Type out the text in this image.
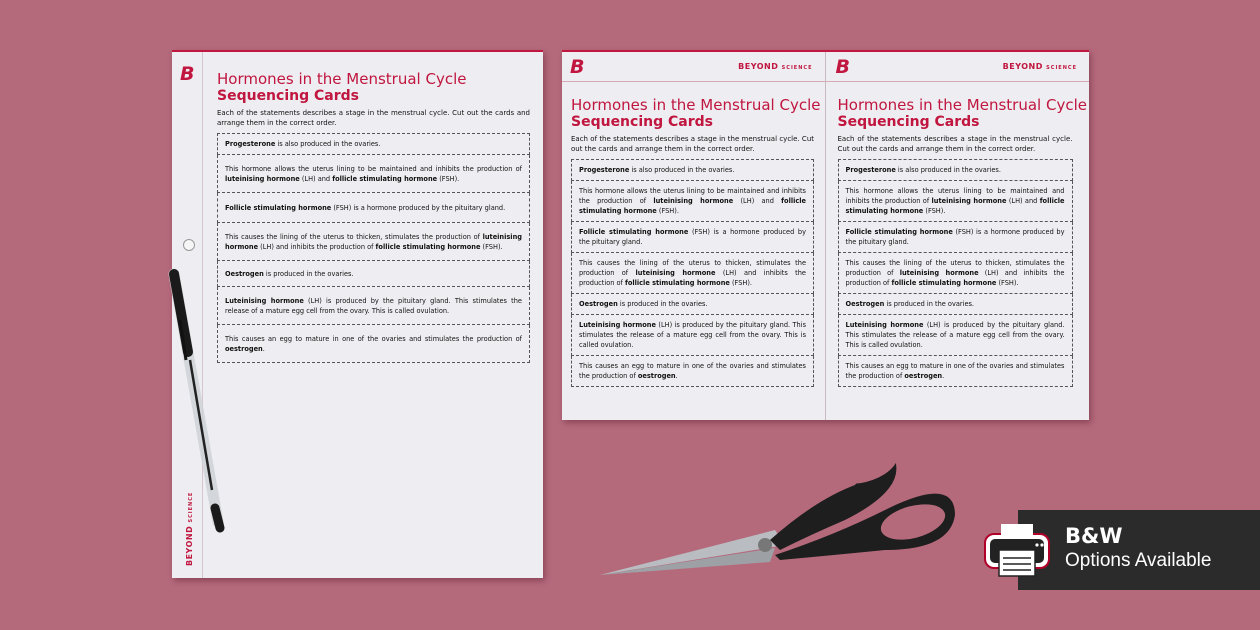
B
BEYOND SCIENCE
Hormones in the Menstrual Cycle
Sequencing Cards
Each of the statements describes a stage in the menstrual cycle. Cut out the cards and arrange them in the correct order.
Progesterone is also produced in the ovaries.
This hormone allows the uterus lining to be maintained and inhibits the production of luteinising hormone (LH) and follicle stimulating hormone (FSH).
Follicle stimulating hormone (FSH) is a hormone produced by the pituitary gland.
This causes the lining of the uterus to thicken, stimulates the production of luteinising hormone (LH) and inhibits the production of follicle stimulating hormone (FSH).
Oestrogen is produced in the ovaries.
Luteinising hormone (LH) is produced by the pituitary gland. This stimulates the release of a mature egg cell from the ovary. This is called ovulation.
This causes an egg to mature in one of the ovaries and stimulates the production of oestrogen.
B	BEYOND SCIENCE
Hormones in the Menstrual Cycle
Sequencing Cards
Each of the statements describes a stage in the menstrual cycle. Cut out the cards and arrange them in the correct order.
Progesterone is also produced in the ovaries.
This hormone allows the uterus lining to be maintained and inhibits the production of luteinising hormone (LH) and follicle stimulating hormone (FSH).
Follicle stimulating hormone (FSH) is a hormone produced by the pituitary gland.
This causes the lining of the uterus to thicken, stimulates the production of luteinising hormone (LH) and inhibits the production of follicle stimulating hormone (FSH).
Oestrogen is produced in the ovaries.
Luteinising hormone (LH) is produced by the pituitary gland. This stimulates the release of a mature egg cell from the ovary. This is called ovulation.
This causes an egg to mature in one of the ovaries and stimulates the production of oestrogen.
B	BEYOND SCIENCE
Hormones in the Menstrual Cycle
Sequencing Cards
Each of the statements describes a stage in the menstrual cycle. Cut out the cards and arrange them in the correct order.
Progesterone is also produced in the ovaries.
This hormone allows the uterus lining to be maintained and inhibits the production of luteinising hormone (LH) and follicle stimulating hormone (FSH).
Follicle stimulating hormone (FSH) is a hormone produced by the pituitary gland.
This causes the lining of the uterus to thicken, stimulates the production of luteinising hormone (LH) and inhibits the production of follicle stimulating hormone (FSH).
Oestrogen is produced in the ovaries.
Luteinising hormone (LH) is produced by the pituitary gland. This stimulates the release of a mature egg cell from the ovary. This is called ovulation.
This causes an egg to mature in one of the ovaries and stimulates the production of oestrogen.
B&W
Options Available
